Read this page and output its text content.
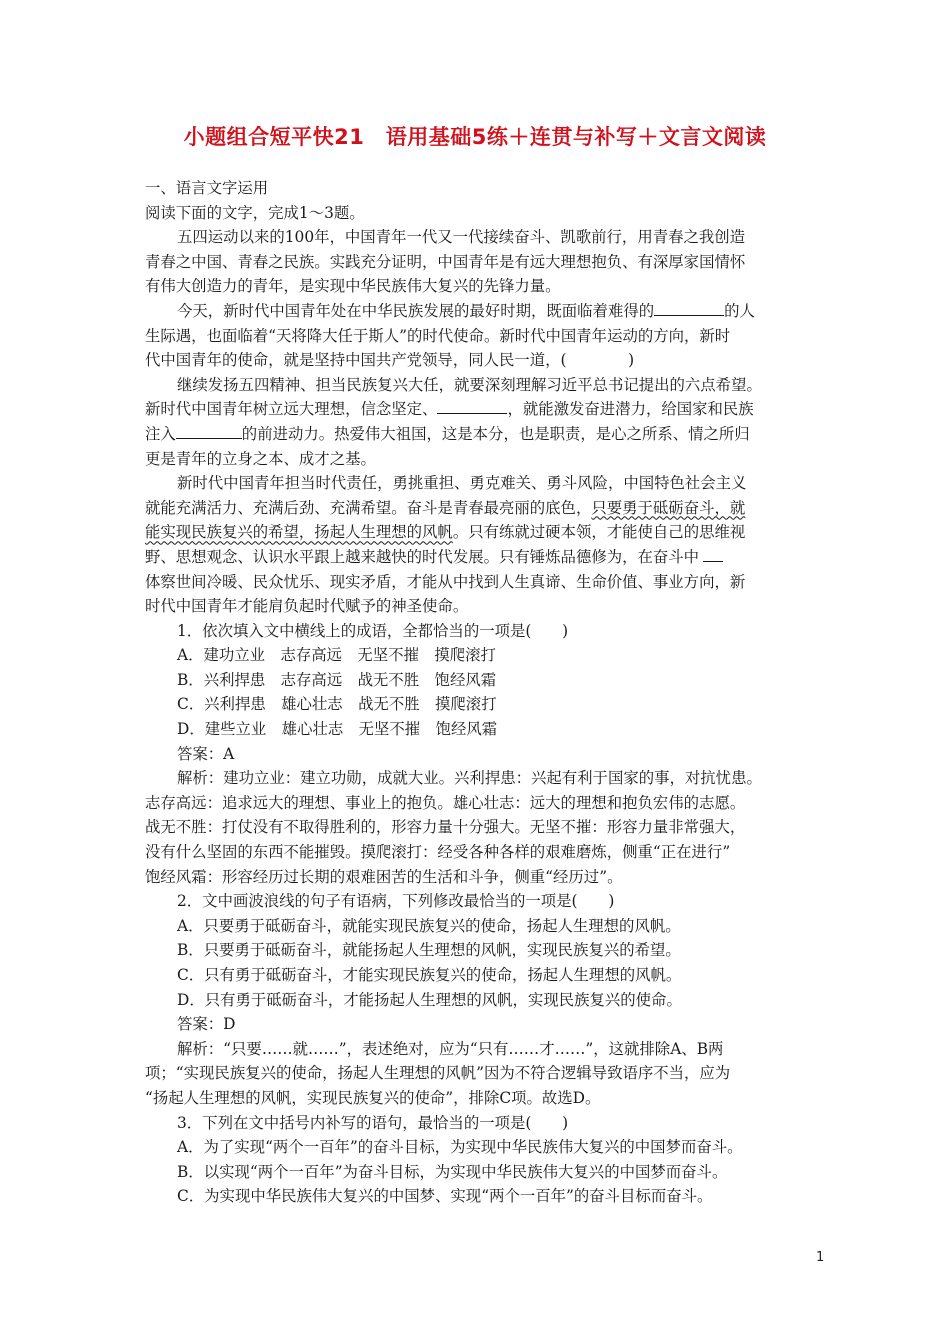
小题组合短平快21　语用基础5练＋连贯与补写＋文言文阅读
一、语言文字运用
阅读下面的文字，完成1～3题。
五四运动以来的100年，中国青年一代又一代接续奋斗、凯歌前行，用青春之我创造
青春之中国、青春之民族。实践充分证明，中国青年是有远大理想抱负、有深厚家国情怀
有伟大创造力的青年，是实现中华民族伟大复兴的先锋力量。
今天，新时代中国青年处在中华民族发展的最好时期，既面临着难得的	的人
生际遇，也面临着“天将降大任于斯人”的时代使命。新时代中国青年运动的方向，新时
代中国青年的使命，就是坚持中国共产党领导，同人民一道，(　　　　)
继续发扬五四精神、担当民族复兴大任，就要深刻理解习近平总书记提出的六点希望。
新时代中国青年树立远大理想，信念坚定、	，就能激发奋进潜力，给国家和民族
注入	的前进动力。热爱伟大祖国，这是本分，也是职责，是心之所系、情之所归
更是青年的立身之本、成才之基。
新时代中国青年担当时代责任，勇挑重担、勇克难关、勇斗风险，中国特色社会主义
就能充满活力、充满后劲、充满希望。奋斗是青春最亮丽的底色，只要勇于砥砺奋斗，就
能实现民族复兴的希望，扬起人生理想的风帆。只有练就过硬本领，才能使自己的思维视
野、思想观念、认识水平跟上越来越快的时代发展。只有锤炼品德修为，在奋斗中
体察世间冷暖、民众忧乐、现实矛盾，才能从中找到人生真谛、生命价值、事业方向，新
时代中国青年才能肩负起时代赋予的神圣使命。
1．依次填入文中横线上的成语，全都恰当的一项是(　　)
A．建功立业　志存高远　无坚不摧　摸爬滚打
B．兴利捍患　志存高远　战无不胜　饱经风霜
C．兴利捍患　雄心壮志　战无不胜　摸爬滚打
D．建些立业　雄心壮志　无坚不摧　饱经风霜
答案：A
解析：建功立业：建立功勋，成就大业。兴利捍患：兴起有利于国家的事，对抗忧患。
志存高远：追求远大的理想、事业上的抱负。雄心壮志：远大的理想和抱负宏伟的志愿。
战无不胜：打仗没有不取得胜利的，形容力量十分强大。无坚不摧：形容力量非常强大，
没有什么坚固的东西不能摧毁。摸爬滚打：经受各种各样的艰难磨炼，侧重“正在进行”
饱经风霜：形容经历过长期的艰难困苦的生活和斗争，侧重“经历过”。
2．文中画波浪线的句子有语病，下列修改最恰当的一项是(　　)
A．只要勇于砥砺奋斗，就能实现民族复兴的使命，扬起人生理想的风帆。
B．只要勇于砥砺奋斗，就能扬起人生理想的风帆，实现民族复兴的希望。
C．只有勇于砥砺奋斗，才能实现民族复兴的使命，扬起人生理想的风帆。
D．只有勇于砥砺奋斗，才能扬起人生理想的风帆，实现民族复兴的使命。
答案：D
解析：“只要……就……”，表述绝对，应为“只有……才……”，这就排除A、B两
项；“实现民族复兴的使命，扬起人生理想的风帆”因为不符合逻辑导致语序不当，应为
“扬起人生理想的风帆，实现民族复兴的使命”，排除C项。故选D。
3．下列在文中括号内补写的语句，最恰当的一项是(　　)
A．为了实现“两个一百年”的奋斗目标，为实现中华民族伟大复兴的中国梦而奋斗。
B．以实现“两个一百年”为奋斗目标，为实现中华民族伟大复兴的中国梦而奋斗。
C．为实现中华民族伟大复兴的中国梦、实现“两个一百年”的奋斗目标而奋斗。
1
